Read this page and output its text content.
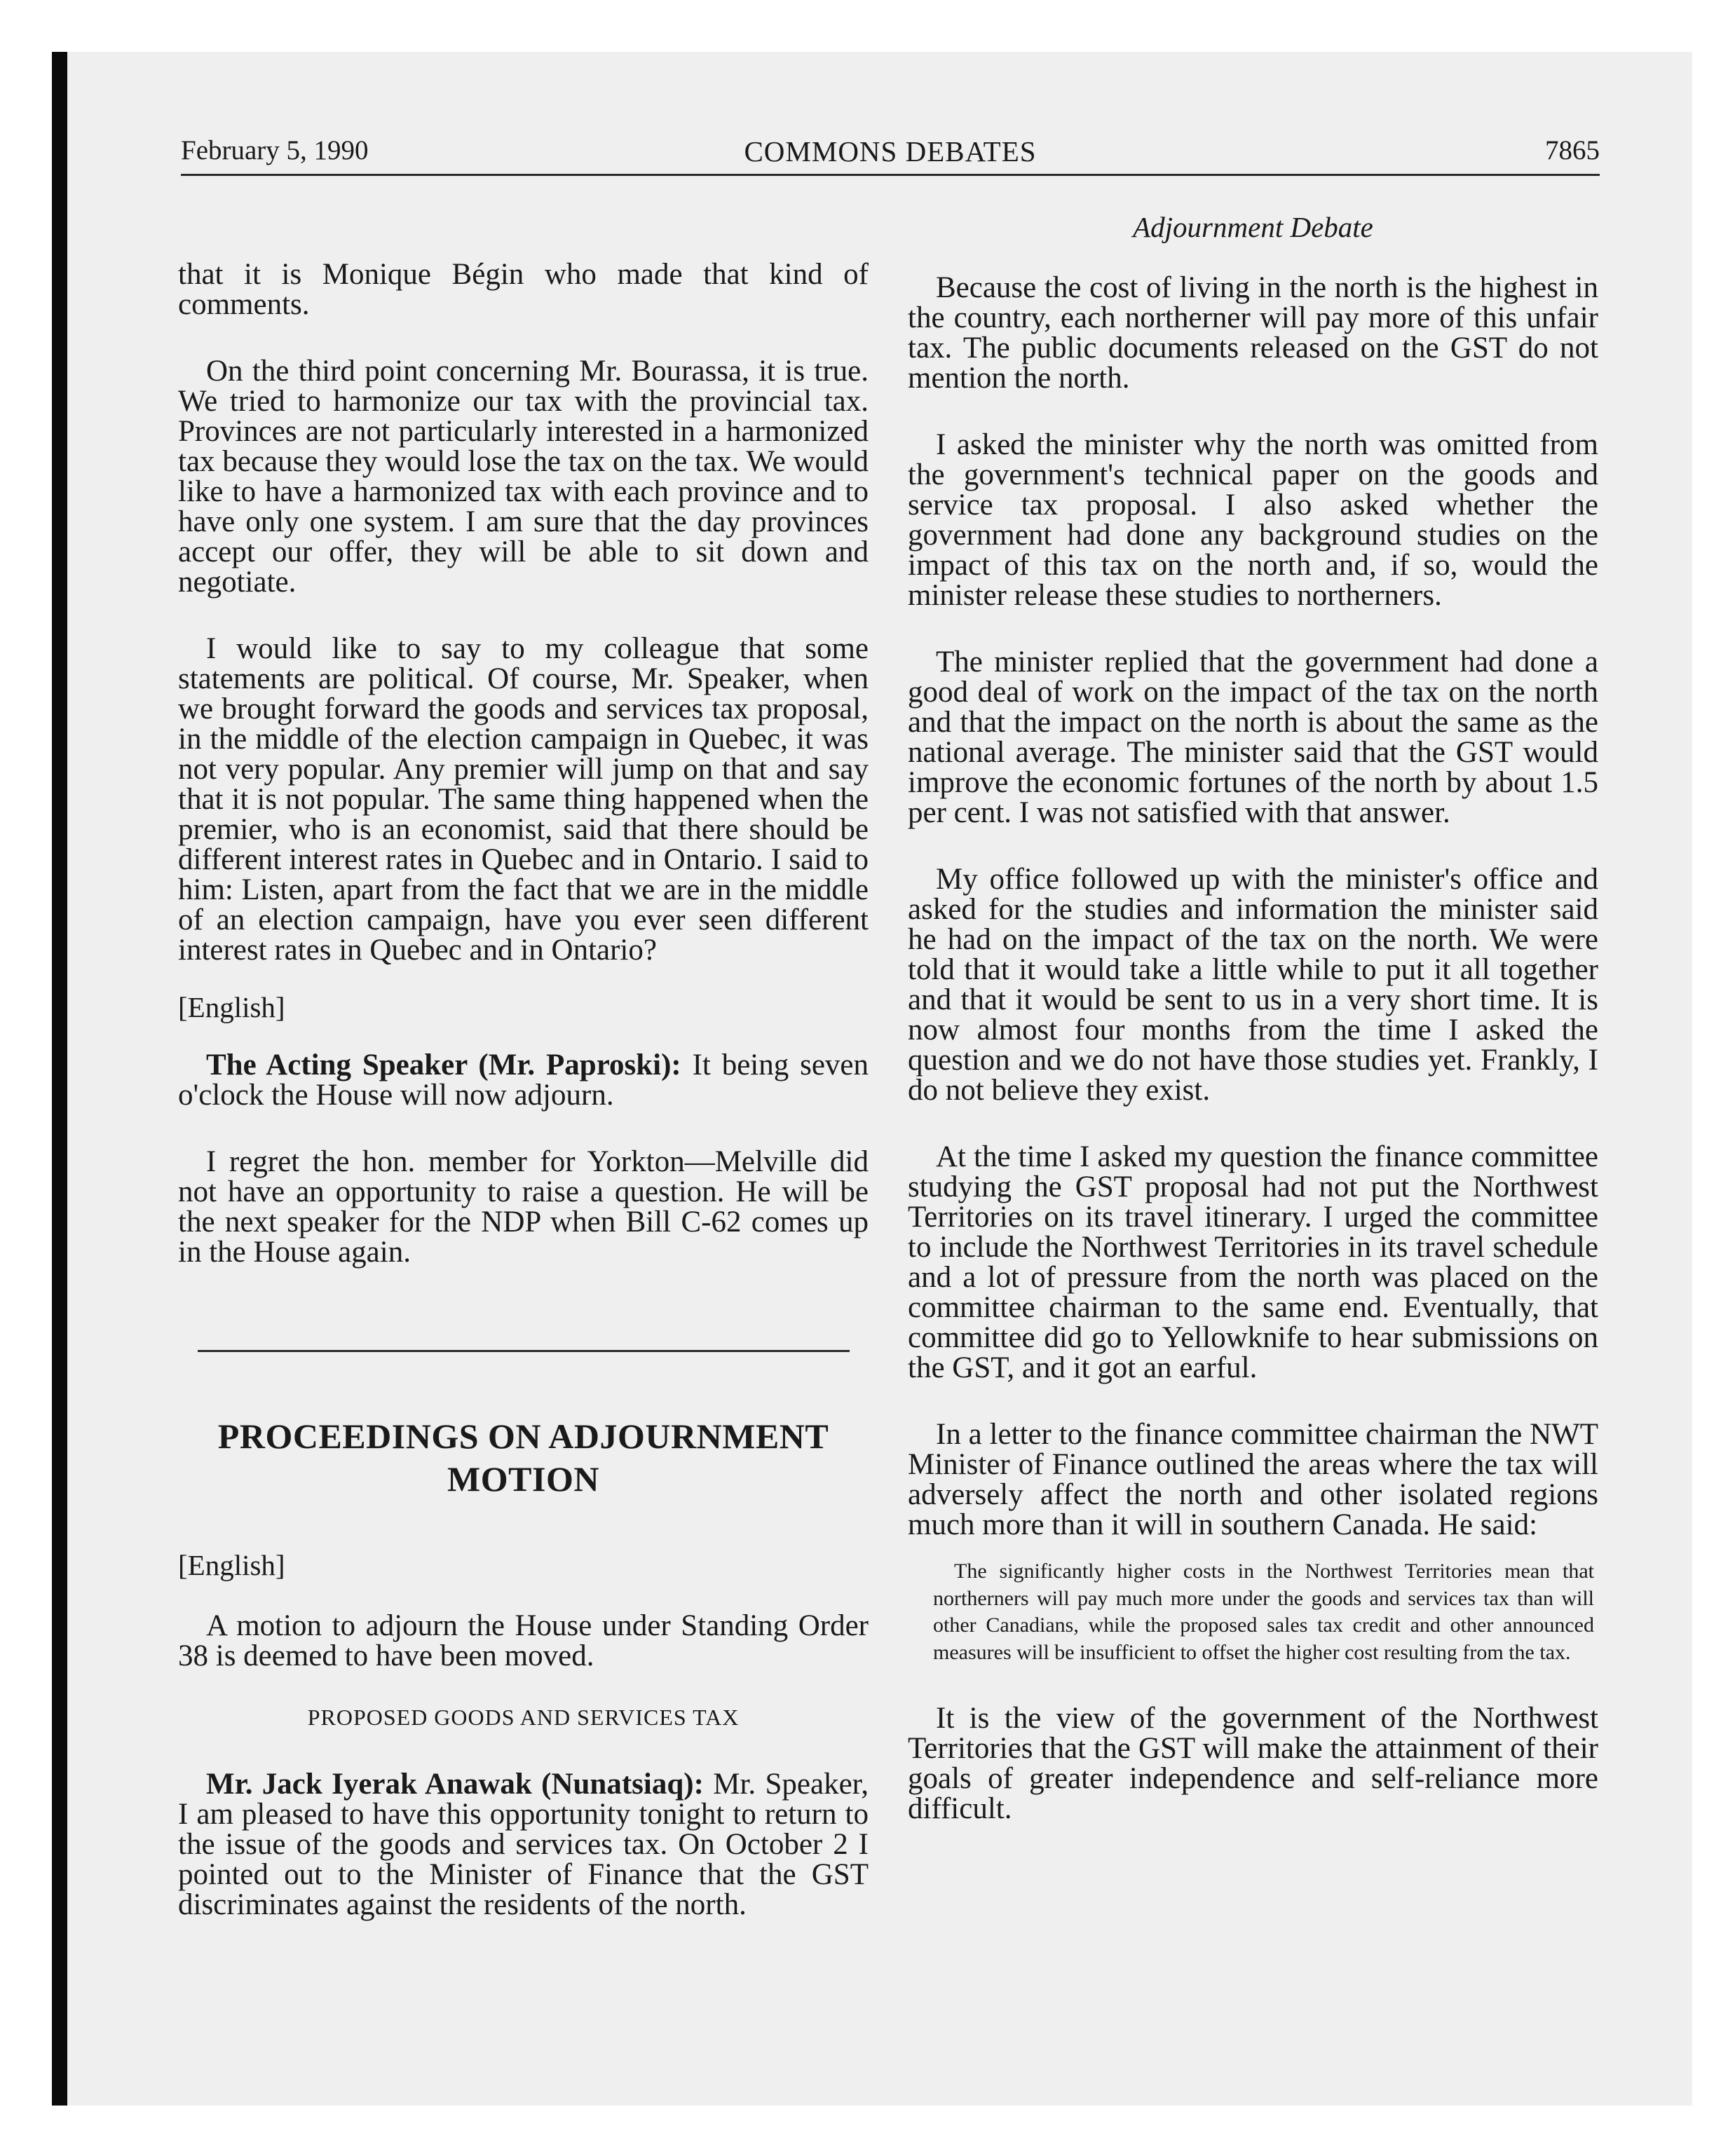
February 5, 1990	COMMONS DEBATES	7865

that it is Monique Bégin who made that kind of comments.

On the third point concerning Mr. Bourassa, it is true. We tried to harmonize our tax with the provincial tax. Provinces are not particularly interested in a harmonized tax because they would lose the tax on the tax. We would like to have a harmonized tax with each province and to have only one system. I am sure that the day provinces accept our offer, they will be able to sit down and negotiate.

I would like to say to my colleague that some statements are political. Of course, Mr. Speaker, when we brought forward the goods and services tax proposal, in the middle of the election campaign in Quebec, it was not very popular. Any premier will jump on that and say that it is not popular. The same thing happened when the premier, who is an economist, said that there should be different interest rates in Quebec and in Ontario. I said to him: Listen, apart from the fact that we are in the middle of an election campaign, have you ever seen different interest rates in Quebec and in Ontario?

[English]

The Acting Speaker (Mr. Paproski): It being seven o'clock the House will now adjourn.

I regret the hon. member for Yorkton—Melville did not have an opportunity to raise a question. He will be the next speaker for the NDP when Bill C-62 comes up in the House again.

PROCEEDINGS ON ADJOURNMENT MOTION

[English]

A motion to adjourn the House under Standing Order 38 is deemed to have been moved.

PROPOSED GOODS AND SERVICES TAX

Mr. Jack Iyerak Anawak (Nunatsiaq): Mr. Speaker, I am pleased to have this opportunity tonight to return to the issue of the goods and services tax. On October 2 I pointed out to the Minister of Finance that the GST discriminates against the residents of the north.

Adjournment Debate

Because the cost of living in the north is the highest in the country, each northerner will pay more of this unfair tax. The public documents released on the GST do not mention the north.

I asked the minister why the north was omitted from the government's technical paper on the goods and service tax proposal. I also asked whether the government had done any background studies on the impact of this tax on the north and, if so, would the minister release these studies to northerners.

The minister replied that the government had done a good deal of work on the impact of the tax on the north and that the impact on the north is about the same as the national average. The minister said that the GST would improve the economic fortunes of the north by about 1.5 per cent. I was not satisfied with that answer.

My office followed up with the minister's office and asked for the studies and information the minister said he had on the impact of the tax on the north. We were told that it would take a little while to put it all together and that it would be sent to us in a very short time. It is now almost four months from the time I asked the question and we do not have those studies yet. Frankly, I do not believe they exist.

At the time I asked my question the finance committee studying the GST proposal had not put the Northwest Territories on its travel itinerary. I urged the committee to include the Northwest Territories in its travel schedule and a lot of pressure from the north was placed on the committee chairman to the same end. Eventually, that committee did go to Yellowknife to hear submissions on the GST, and it got an earful.

In a letter to the finance committee chairman the NWT Minister of Finance outlined the areas where the tax will adversely affect the north and other isolated regions much more than it will in southern Canada. He said:

The significantly higher costs in the Northwest Territories mean that northerners will pay much more under the goods and services tax than will other Canadians, while the proposed sales tax credit and other announced measures will be insufficient to offset the higher cost resulting from the tax.

It is the view of the government of the Northwest Territories that the GST will make the attainment of their goals of greater independence and self-reliance more difficult.
